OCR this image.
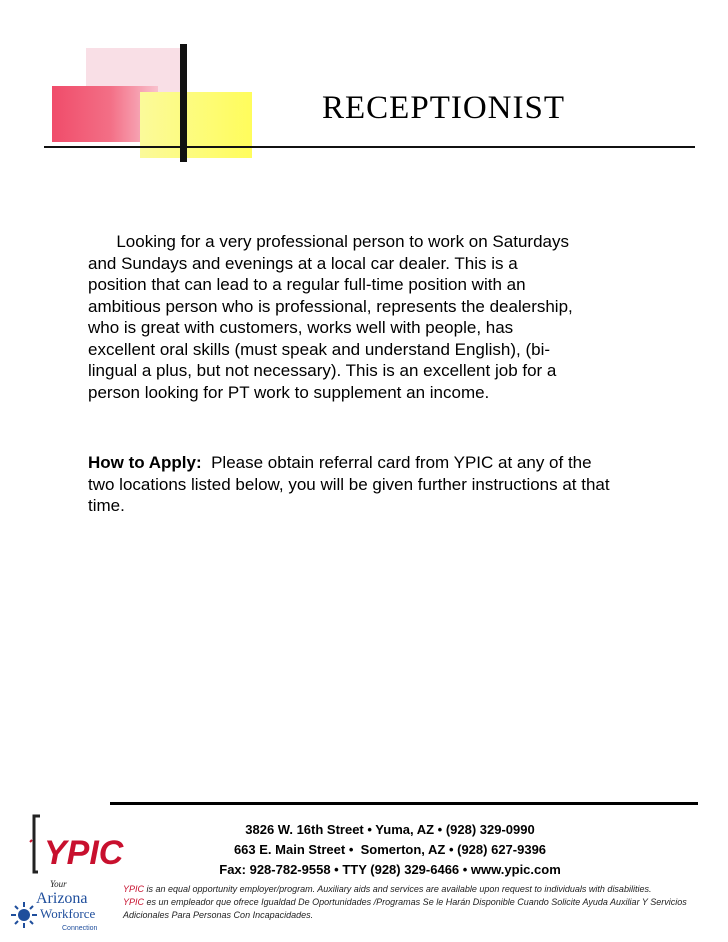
RECEPTIONIST

Looking for a very professional person to work on Saturdays

and Sundays and evenings at a local car dealer. This is a

position that can lead to a regular full-time position with an

ambitious person who is professional, represents the dealership,

who is great with customers, works well with people, has

excellent oral skills (must speak and understand English), (bi-

lingual a plus, but not necessary). This is an excellent job for a

person looking for PT work to supplement an income.

How to Apply:  Please obtain referral card from YPIC at any of the

two locations listed below, you will be given further instructions at that

time.

3826 W. 16th Street • Yuma, AZ • (928) 329-0990
663 E. Main Street •  Somerton, AZ • (928) 627-9396
Fax: 928-782-9558 • TTY (928) 329-6466 • www.ypic.com

YPIC is an equal opportunity employer/program. Auxiliary aids and services are available upon request to individuals with disabilities.

YPIC es un empleador que ofrece Igualdad De Oportunidades /Programas Se le Harán Disponible Cuando Solicite Ayuda Auxiliar Y Servicios

Adicionales Para Personas Con Incapacidades.

YPIC
Your
Arizona
Workforce
Connection
